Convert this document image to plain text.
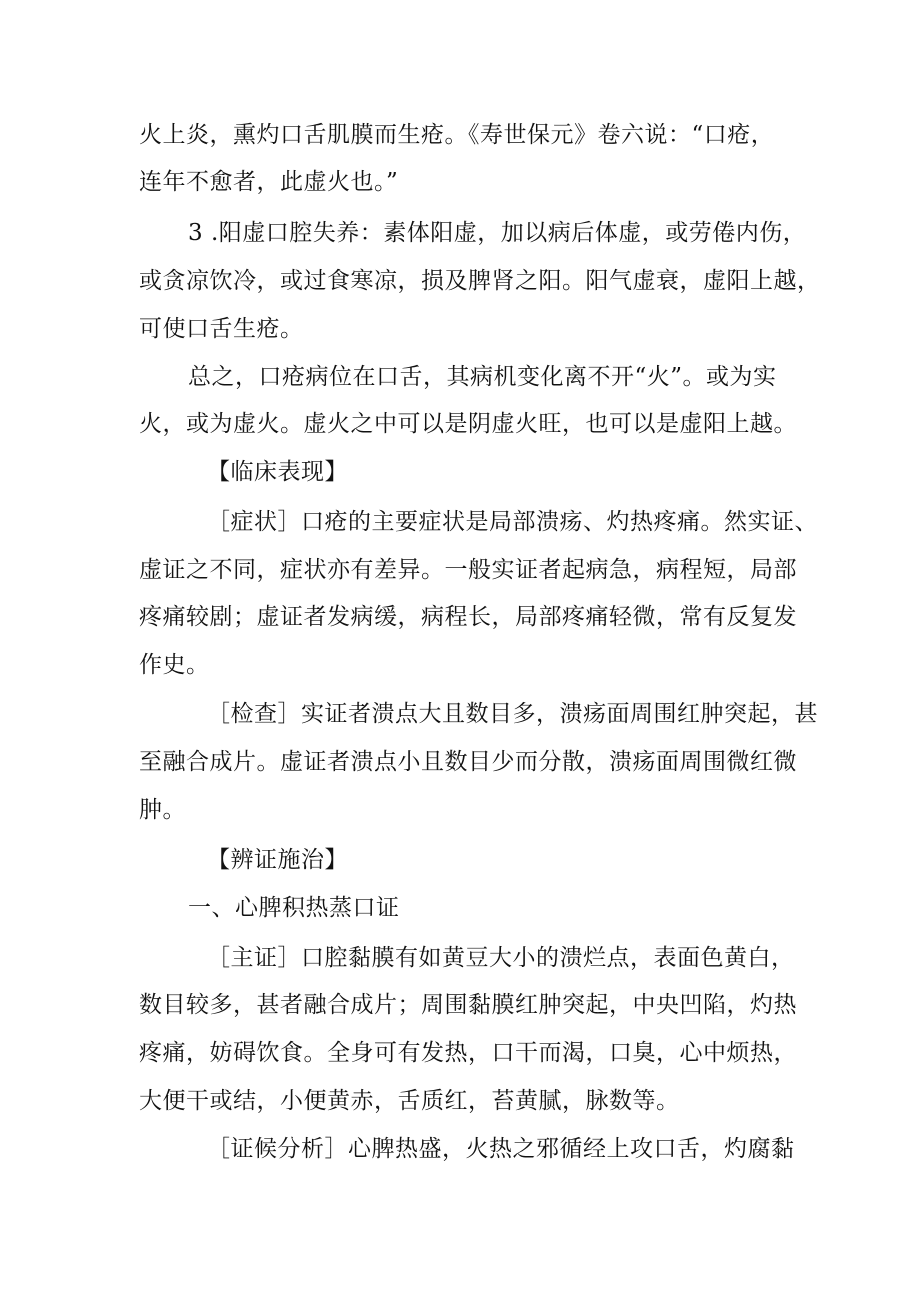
火上炎，熏灼口舌肌膜而生疮。《寿世保元》卷六说：“口疮，
连年不愈者，此虚火也。”
3 .阳虚口腔失养：素体阳虚，加以病后体虚，或劳倦内伤，
或贪凉饮冷，或过食寒凉，损及脾肾之阳。阳气虚衰，虚阳上越，
可使口舌生疮。
总之，口疮病位在口舌，其病机变化离不开“火”。或为实
火，或为虚火。虚火之中可以是阴虚火旺，也可以是虚阳上越。
【临床表现】
［症状］口疮的主要症状是局部溃疡、灼热疼痛。然实证、
虚证之不同，症状亦有差异。一般实证者起病急，病程短，局部
疼痛较剧；虚证者发病缓，病程长，局部疼痛轻微，常有反复发
作史。
［检查］实证者溃点大且数目多，溃疡面周围红肿突起，甚
至融合成片。虚证者溃点小且数目少而分散，溃疡面周围微红微
肿。
【辨证施治】
一、心脾积热蒸口证
［主证］口腔黏膜有如黄豆大小的溃烂点，表面色黄白，
数目较多，甚者融合成片；周围黏膜红肿突起，中央凹陷，灼热
疼痛，妨碍饮食。全身可有发热，口干而渴，口臭，心中烦热，
大便干或结，小便黄赤，舌质红，苔黄腻，脉数等。
［证候分析］心脾热盛，火热之邪循经上攻口舌，灼腐黏
